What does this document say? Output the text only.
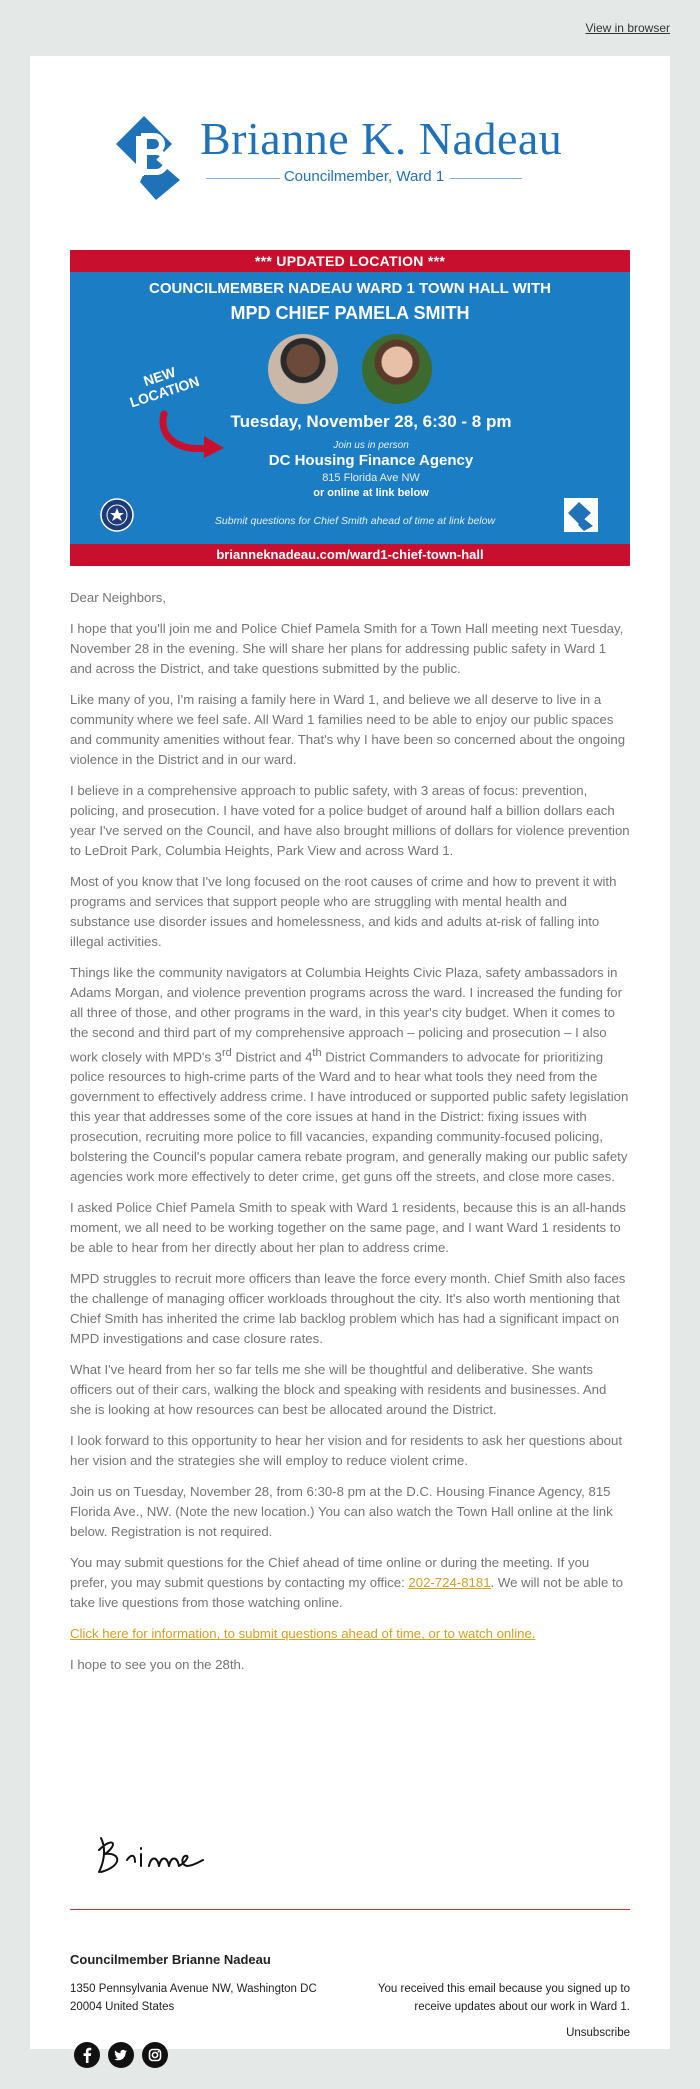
View in browser
Brianne K. Nadeau
Councilmember, Ward 1
*** UPDATED LOCATION ***
COUNCILMEMBER NADEAU WARD 1 TOWN HALL WITH
MPD CHIEF PAMELA SMITH
NEW LOCATION
Tuesday, November 28, 6:30 - 8 pm
Join us in person
DC Housing Finance Agency
815 Florida Ave NW
or online at link below
Submit questions for Chief Smith ahead of time at link below
brianneknadeau.com/ward1-chief-town-hall

Dear Neighbors,

I hope that you'll join me and Police Chief Pamela Smith for a Town Hall meeting next Tuesday, November 28 in the evening. She will share her plans for addressing public safety in Ward 1 and across the District, and take questions submitted by the public.

Like many of you, I'm raising a family here in Ward 1, and believe we all deserve to live in a community where we feel safe. All Ward 1 families need to be able to enjoy our public spaces and community amenities without fear. That's why I have been so concerned about the ongoing violence in the District and in our ward.

I believe in a comprehensive approach to public safety, with 3 areas of focus: prevention, policing, and prosecution. I have voted for a police budget of around half a billion dollars each year I've served on the Council, and have also brought millions of dollars for violence prevention to LeDroit Park, Columbia Heights, Park View and across Ward 1.

Most of you know that I've long focused on the root causes of crime and how to prevent it with programs and services that support people who are struggling with mental health and substance use disorder issues and homelessness, and kids and adults at-risk of falling into illegal activities.

Things like the community navigators at Columbia Heights Civic Plaza, safety ambassadors in Adams Morgan, and violence prevention programs across the ward. I increased the funding for all three of those, and other programs in the ward, in this year's city budget. When it comes to the second and third part of my comprehensive approach – policing and prosecution – I also work closely with MPD's 3rd District and 4th District Commanders to advocate for prioritizing police resources to high-crime parts of the Ward and to hear what tools they need from the government to effectively address crime. I have introduced or supported public safety legislation this year that addresses some of the core issues at hand in the District: fixing issues with prosecution, recruiting more police to fill vacancies, expanding community-focused policing, bolstering the Council's popular camera rebate program, and generally making our public safety agencies work more effectively to deter crime, get guns off the streets, and close more cases.

I asked Police Chief Pamela Smith to speak with Ward 1 residents, because this is an all-hands moment, we all need to be working together on the same page, and I want Ward 1 residents to be able to hear from her directly about her plan to address crime.

MPD struggles to recruit more officers than leave the force every month. Chief Smith also faces the challenge of managing officer workloads throughout the city. It's also worth mentioning that Chief Smith has inherited the crime lab backlog problem which has had a significant impact on MPD investigations and case closure rates.

What I've heard from her so far tells me she will be thoughtful and deliberative. She wants officers out of their cars, walking the block and speaking with residents and businesses. And she is looking at how resources can best be allocated around the District.

I look forward to this opportunity to hear her vision and for residents to ask her questions about her vision and the strategies she will employ to reduce violent crime.

Join us on Tuesday, November 28, from 6:30-8 pm at the D.C. Housing Finance Agency, 815 Florida Ave., NW. (Note the new location.) You can also watch the Town Hall online at the link below. Registration is not required.

You may submit questions for the Chief ahead of time online or during the meeting. If you prefer, you may submit questions by contacting my office: 202-724-8181. We will not be able to take live questions from those watching online.

Click here for information, to submit questions ahead of time, or to watch online.

I hope to see you on the 28th.

Councilmember Brianne Nadeau
1350 Pennsylvania Avenue NW, Washington DC 20004 United States
You received this email because you signed up to receive updates about our work in Ward 1.
Unsubscribe
